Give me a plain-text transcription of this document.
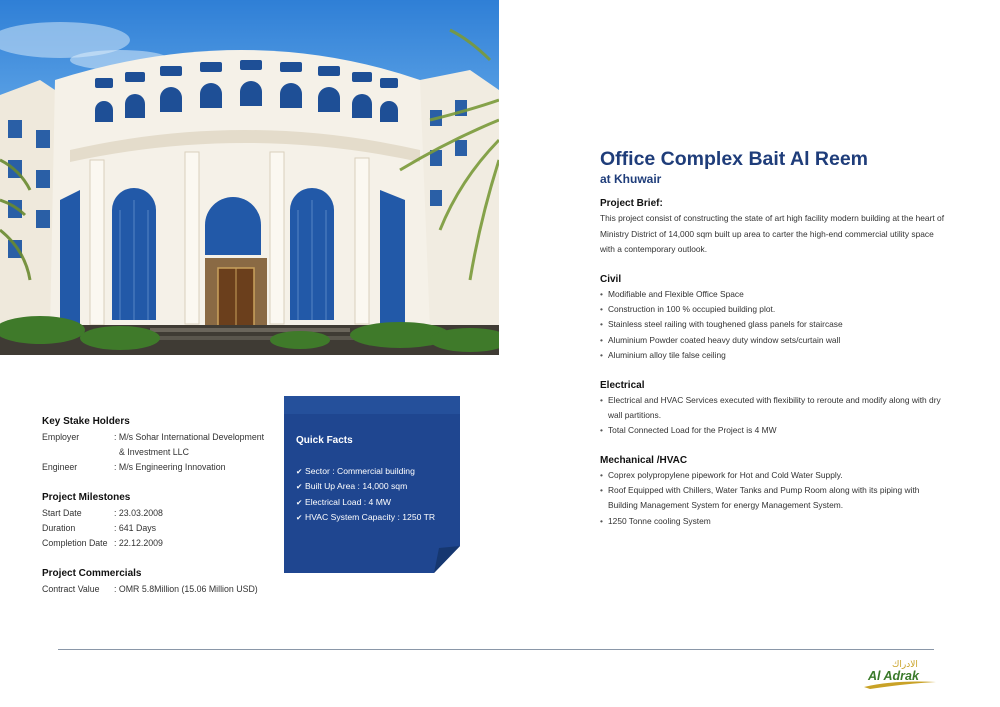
Office Complex Bait Al Reem
at Khuwair
Project Brief:

This project consist of constructing the state of art high facility modern building at the heart of Ministry District of 14,000 sqm built up area to carter the high-end commercial utility space with a contemporary outlook.

Civil
• Modifiable and Flexible Office Space
• Construction in 100 % occupied building plot.
• Stainless steel railing with toughened glass panels for staircase
• Aluminium Powder coated heavy duty window sets/curtain wall
• Aluminium alloy tile false ceiling
Electrical
• Electrical and HVAC Services executed with flexibility to reroute and modify along with dry wall partitions.
• Total Connected Load for the Project is 4 MW
Mechanical /HVAC
• Coprex polypropylene pipework for Hot and Cold Water Supply.
• Roof Equipped with Chillers, Water Tanks and Pump Room along with its piping with Building Management System for energy Management System.
• 1250 Tonne cooling System
Key Stake Holders
Employer	: M/s Sohar International Development
& Investment LLC
Engineer	: M/s Engineering Innovation
Project Milestones
Start Date	: 23.03.2008
Duration	: 641 Days
Completion Date : 22.12.2009
Project Commercials
Contract Value	: OMR 5.8Million (15.06 Million USD)
Quick Facts
✔ Sector : Commercial building
✔ Built Up Area : 14,000 sqm
✔ Electrical Load : 4 MW
✔ HVAC System Capacity : 1250 TR
الادراك
Al Adrak
